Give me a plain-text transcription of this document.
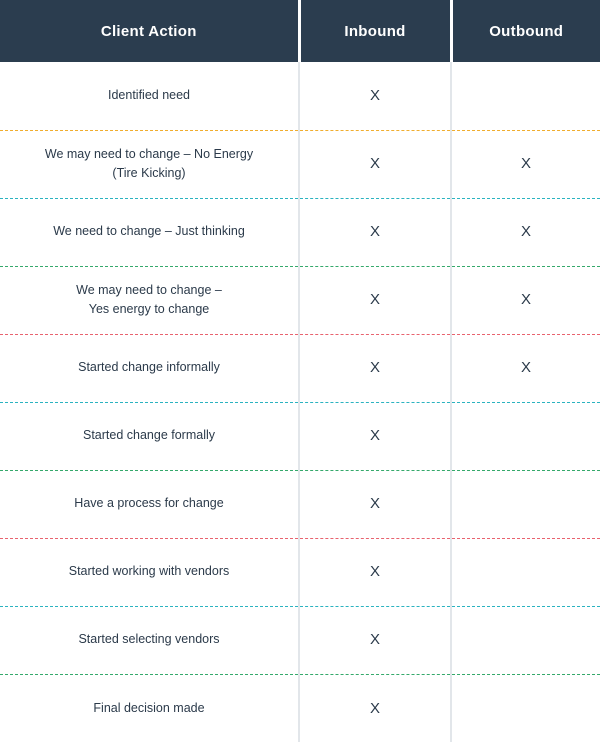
Client Action	Inbound	Outbound

Identified need	X	

We may need to change – No Energy
(Tire Kicking)	X	X

We need to change – Just thinking	X	X

We may need to change –
Yes energy to change	X	X

Started change informally	X	X

Started change formally	X	

Have a process for change	X	

Started working with vendors	X	

Started selecting vendors	X	

Final decision made	X	
